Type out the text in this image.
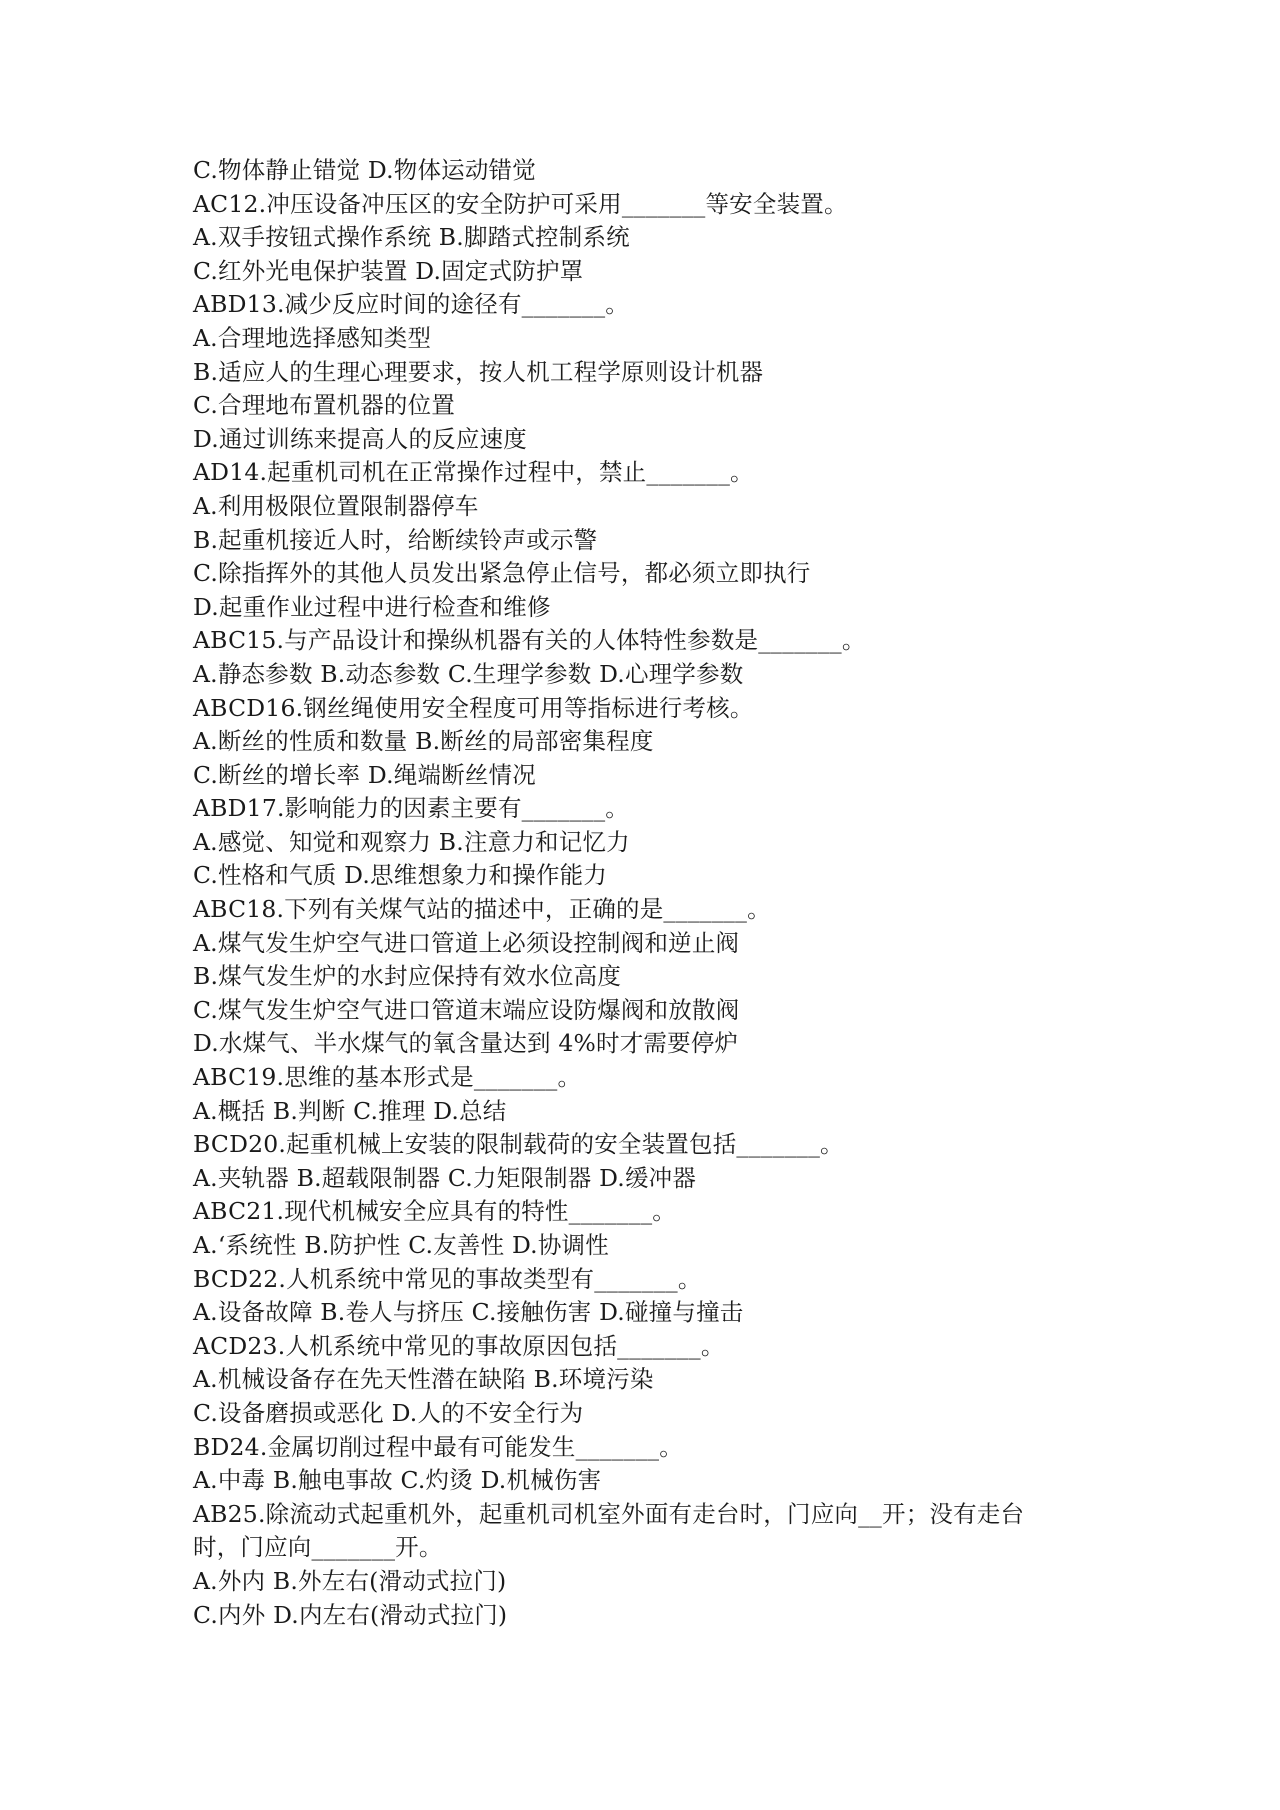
C.物体静止错觉 D.物体运动错觉
AC12.冲压设备冲压区的安全防护可采用_______等安全装置。
A.双手按钮式操作系统 B.脚踏式控制系统
C.红外光电保护装置 D.固定式防护罩
ABD13.减少反应时间的途径有_______。
A.合理地选择感知类型
B.适应人的生理心理要求，按人机工程学原则设计机器
C.合理地布置机器的位置
D.通过训练来提高人的反应速度
AD14.起重机司机在正常操作过程中，禁止_______。
A.利用极限位置限制器停车
B.起重机接近人时，给断续铃声或示警
C.除指挥外的其他人员发出紧急停止信号，都必须立即执行
D.起重作业过程中进行检查和维修
ABC15.与产品设计和操纵机器有关的人体特性参数是_______。
A.静态参数 B.动态参数 C.生理学参数 D.心理学参数
ABCD16.钢丝绳使用安全程度可用等指标进行考核。
A.断丝的性质和数量 B.断丝的局部密集程度
C.断丝的增长率 D.绳端断丝情况
ABD17.影响能力的因素主要有_______。
A.感觉、知觉和观察力 B.注意力和记忆力
C.性格和气质 D.思维想象力和操作能力
ABC18.下列有关煤气站的描述中，正确的是_______。
A.煤气发生炉空气进口管道上必须设控制阀和逆止阀
B.煤气发生炉的水封应保持有效水位高度
C.煤气发生炉空气进口管道末端应设防爆阀和放散阀
D.水煤气、半水煤气的氧含量达到 4%时才需要停炉
ABC19.思维的基本形式是_______。
A.概括 B.判断 C.推理 D.总结
BCD20.起重机械上安装的限制载荷的安全装置包括_______。
A.夹轨器 B.超载限制器 C.力矩限制器 D.缓冲器
ABC21.现代机械安全应具有的特性_______。
A.‘系统性 B.防护性 C.友善性 D.协调性
BCD22.人机系统中常见的事故类型有_______。
A.设备故障 B.卷人与挤压 C.接触伤害 D.碰撞与撞击
ACD23.人机系统中常见的事故原因包括_______。
A.机械设备存在先天性潜在缺陷 B.环境污染
C.设备磨损或恶化 D.人的不安全行为
BD24.金属切削过程中最有可能发生_______。
A.中毒 B.触电事故 C.灼烫 D.机械伤害
AB25.除流动式起重机外，起重机司机室外面有走台时，门应向__开；没有走台
时，门应向_______开。
A.外内 B.外左右(滑动式拉门)
C.内外 D.内左右(滑动式拉门)
